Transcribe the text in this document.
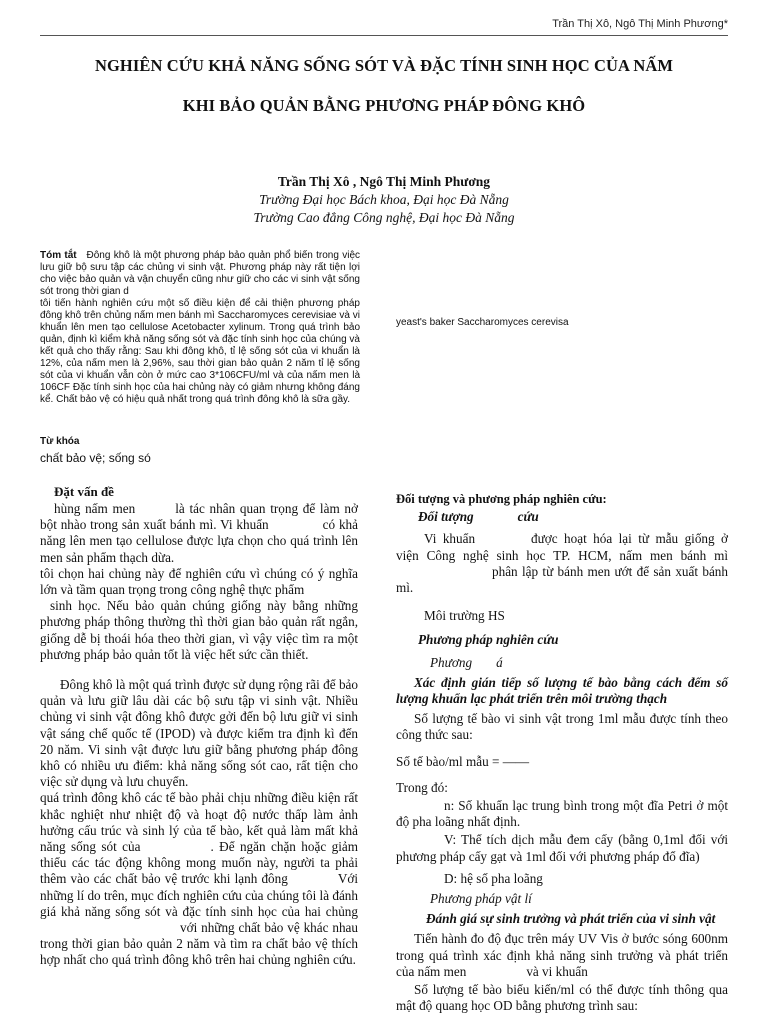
Trần Thị Xô, Ngô Thị Minh Phương*
NGHIÊN CỨU KHẢ NĂNG SỐNG SÓT VÀ ĐẶC TÍNH SINH HỌC CỦA NẤM
KHI BẢO QUẢN BẰNG PHƯƠNG PHÁP ĐÔNG KHÔ
Trần Thị Xô , Ngô Thị Minh Phương
Trường Đại học Bách khoa, Đại học Đà Nẵng
Trường Cao đẳng Công nghệ, Đại học Đà Nẵng
Tóm tắt Đông khô là một phương pháp bảo quản phổ biến trong việc lưu giữ bộ sưu tập các chủng vi sinh vật. Phương pháp này rất tiện lợi cho việc bảo quản và vận chuyển cũng như giữ cho các vi sinh vật sống sót trong thời gian d
tôi tiến hành nghiên cứu một số điều kiện để cải thiện phương pháp đông khô trên chủng nấm men bánh mì Saccharomyces cerevisiae và vi khuẩn lên men tạo cellulose Acetobacter xylinum. Trong quá trình bảo quản, định kì kiểm khả năng sống sót và đặc tính sinh học của chúng và kết quả cho thấy rằng: Sau khi đông khô, tỉ lệ sống sót của vi khuẩn là 12%, của nấm men là 2,96%, sau thời gian bảo quản 2 năm tỉ lệ sống sót của vi khuẩn vẫn còn ở mức cao 3*106CFU/ml và của nấm men là 106CF Đặc tính sinh học của hai chủng này có giảm nhưng không đáng kể. Chất bảo vệ có hiệu quả nhất trong quá trình đông khô là sữa gầy.
yeast's baker Saccharomyces cerevisa
Từ khóa
chất bảo vệ; sống só
Đặt vấn đề

hùng nấm men	là tác nhân quan trọng để làm nở bột nhào trong sản xuất bánh mì. Vi khuẩn	có khả năng lên men tạo cellulose được lựa chọn cho quá trình lên men sản phẩm thạch dừa.

tôi chọn hai chủng này để nghiên cứu vì chúng có ý nghĩa lớn và tầm quan trọng trong công nghệ thực phẩm

sinh học. Nếu bảo quản chúng giống này bằng những phương pháp thông thường thì thời gian bảo quản rất ngắn, giống dễ bị thoái hóa theo thời gian, vì vậy việc tìm ra một phương pháp bảo quản tốt là việc hết sức cần thiết.

Đông khô là một quá trình được sử dụng rộng rãi để bảo quản và lưu giữ lâu dài các bộ sưu tập vi sinh vật. Nhiều chủng vi sinh vật đông khô được gởi đến bộ lưu giữ vi sinh vật sáng chế quốc tế (IPOD) và được kiểm tra định kì đến 20 năm. Vi sinh vật được lưu giữ bằng phương pháp đông khô có nhiều ưu điểm: khả năng sống sót cao, rất tiện cho việc sử dụng và lưu chuyển.

quá trình đông khô các tế bào phải chịu những điều kiện rất khắc nghiệt như nhiệt độ và hoạt độ nước thấp làm ảnh hưởng cấu trúc và sinh lý của tế bào, kết quả làm mất khả năng sống sót của	. Để ngăn chặn hoặc giảm thiểu các tác động không mong muốn này, người ta phải thêm vào các chất bảo vệ trước khi lạnh đông	Với những lí do trên, mục đích nghiên cứu của chúng tôi là đánh giá khả năng sống sót và đặc tính sinh học của hai chủngvới những chất bảo vệ khác nhau trong thời gian bảo quản 2 năm và tìm ra chất bảo vệ thích hợp nhất cho quá trình đông khô trên hai chủng nghiên cứu.

Đối tượng và phương pháp nghiên cứu:

Đối tượng	cứu

Vi khuẩn	được hoạt hóa lại từ mẫu giống ở viện Công nghệ sinh học TP. HCM, nấm men bánh mìphân lập từ bánh men ướt để sản xuất bánh mì.

Môi trường HS

Phương pháp nghiên cứu

Phương á

Xác định gián tiếp số lượng tế bào bằng cách đếm số lượng khuẩn lạc phát triển trên môi trường thạch

Số lượng tế bào vi sinh vật trong 1ml mẫu được tính theo công thức sau:

Số tế bào/ml mẫu = ——

Trong đó:

n: Số khuẩn lạc trung bình trong một đĩa Petri ở một độ pha loãng nhất định.

V: Thể tích dịch mẫu đem cấy (bằng 0,1ml đối với phương pháp cấy gạt và 1ml đối với phương pháp đổ đĩa)

D: hệ số pha loãng

Phương pháp vật lí

Đánh giá sự sinh trưởng và phát triển của vi sinh vật

Tiến hành đo độ đục trên máy UV Vis ở bước sóng 600nm trong quá trình xác định khả năng sinh trưởng và phát triển của nấm men	và vi khuẩn

Số lượng tế bào biểu kiến/ml có thể được tính thông qua mật độ quang học OD bằng phương trình sau:
